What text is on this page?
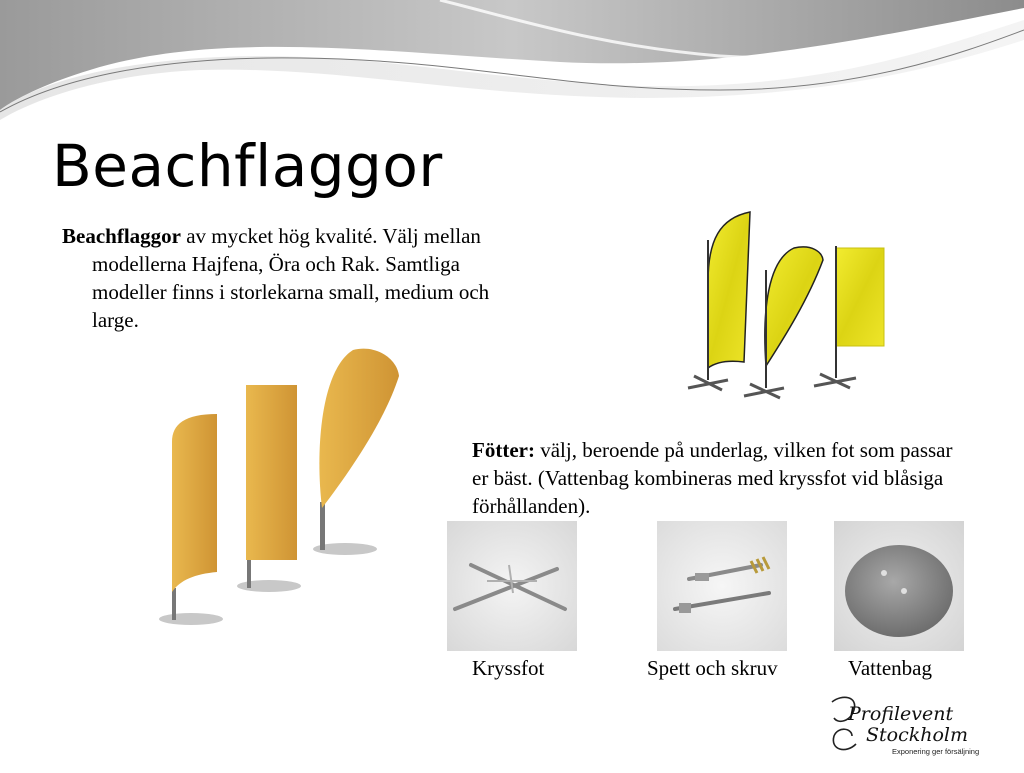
Beachflaggor
Beachflaggor av mycket hög kvalité. Välj mellan modellerna Hajfena, Öra och Rak. Samtliga modeller finns i storlekarna small, medium och large.
Fötter: välj, beroende på underlag, vilken fot som passar er bäst. (Vattenbag kombineras med kryssfot vid blåsiga förhållanden).
Kryssfot	Spett och skruv	Vattenbag
Profilevent
Stockholm
Exponering ger försäljning
